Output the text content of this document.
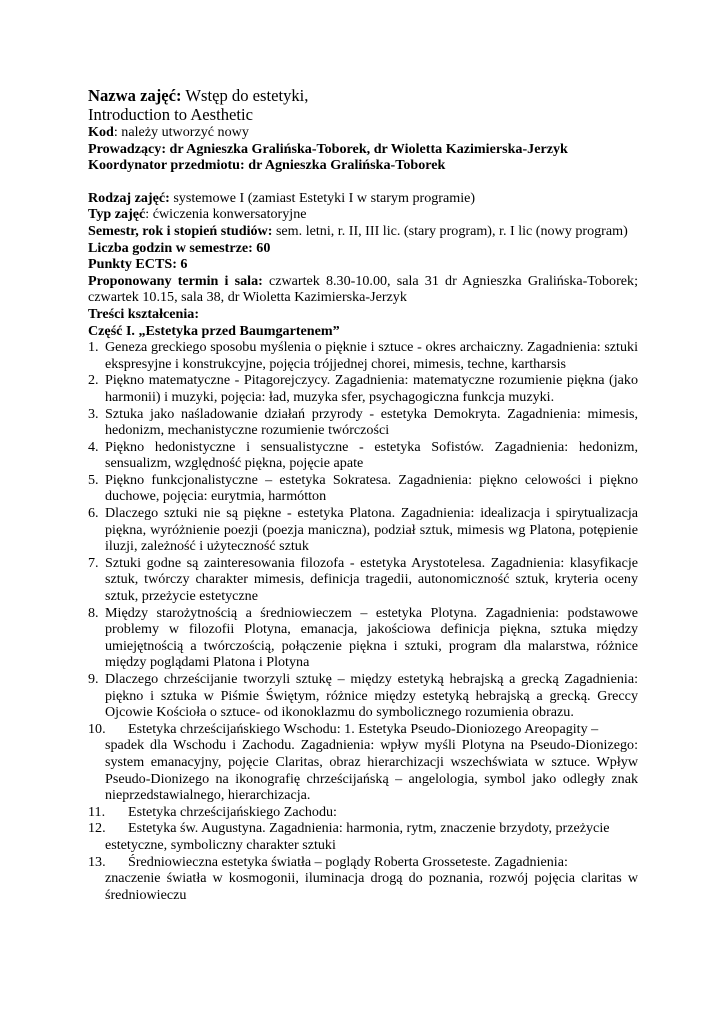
Nazwa zajęć: Wstęp do estetyki,
Introduction to Aesthetic
Kod: należy utworzyć nowy
Prowadzący: dr Agnieszka Gralińska-Toborek, dr Wioletta Kazimierska-Jerzyk
Koordynator przedmiotu: dr Agnieszka Gralińska-Toborek
Rodzaj zajęć: systemowe I (zamiast Estetyki I w starym programie)
Typ zajęć: ćwiczenia konwersatoryjne
Semestr, rok i stopień studiów: sem. letni, r. II, III lic. (stary program), r. I lic (nowy program)
Liczba godzin w semestrze: 60
Punkty ECTS: 6
Proponowany termin i sala: czwartek 8.30-10.00, sala 31 dr Agnieszka Gralińska-Toborek; czwartek 10.15, sala 38, dr Wioletta Kazimierska-Jerzyk
Treści kształcenia:
Część I. „Estetyka przed Baumgartenem”
1. Geneza greckiego sposobu myślenia o pięknie i sztuce - okres archaiczny. Zagadnienia: sztuki ekspresyjne i konstrukcyjne, pojęcia trójjednej chorei, mimesis, techne, kartharsis
2. Piękno matematyczne - Pitagorejczycy. Zagadnienia: matematyczne rozumienie piękna (jako harmonii) i muzyki, pojęcia: ład, muzyka sfer, psychagogiczna funkcja muzyki.
3. Sztuka jako naśladowanie działań przyrody - estetyka Demokryta. Zagadnienia: mimesis, hedonizm, mechanistyczne rozumienie twórczości
4. Piękno hedonistyczne i sensualistyczne - estetyka Sofistów. Zagadnienia: hedonizm, sensualizm, względność piękna, pojęcie apate
5. Piękno funkcjonalistyczne – estetyka Sokratesa. Zagadnienia: piękno celowości i piękno duchowe, pojęcia: eurytmia, harmótton
6. Dlaczego sztuki nie są piękne - estetyka Platona. Zagadnienia: idealizacja i spirytualizacja piękna, wyróżnienie poezji (poezja maniczna), podział sztuk, mimesis wg Platona, potępienie iluzji, zależność i użyteczność sztuk
7. Sztuki godne są zainteresowania filozofa - estetyka Arystotelesa. Zagadnienia: klasyfikacje sztuk, twórczy charakter mimesis, definicja tragedii, autonomiczność sztuk, kryteria oceny sztuk, przeżycie estetyczne
8. Między starożytnością a średniowieczem – estetyka Plotyna. Zagadnienia: podstawowe problemy w filozofii Plotyna, emanacja, jakościowa definicja piękna, sztuka między umiejętnością a twórczością, połączenie piękna i sztuki, program dla malarstwa, różnice między poglądami Platona i Plotyna
9. Dlaczego chrześcijanie tworzyli sztukę – między estetyką hebrajską a grecką Zagadnienia: piękno i sztuka w Piśmie Świętym, różnice między estetyką hebrajską a grecką. Greccy Ojcowie Kościoła o sztuce- od ikonoklazmu do symbolicznego rozumienia obrazu.
10. Estetyka chrześcijańskiego Wschodu: 1. Estetyka Pseudo-Dioniozego Areopagity –
spadek dla Wschodu i Zachodu. Zagadnienia: wpływ myśli Plotyna na Pseudo-Dionizego: system emanacyjny, pojęcie Claritas, obraz hierarchizacji wszechświata w sztuce. Wpływ Pseudo-Dionizego na ikonografię chrześcijańską – angelologia, symbol jako odległy znak nieprzedstawialnego, hierarchizacja.
11. Estetyka chrześcijańskiego Zachodu:
12. Estetyka św. Augustyna. Zagadnienia: harmonia, rytm, znaczenie brzydoty, przeżycie
estetyczne, symboliczny charakter sztuki
13. Średniowieczna estetyka światła – poglądy Roberta Grosseteste. Zagadnienia:
znaczenie światła w kosmogonii, iluminacja drogą do poznania, rozwój pojęcia claritas w średniowieczu
